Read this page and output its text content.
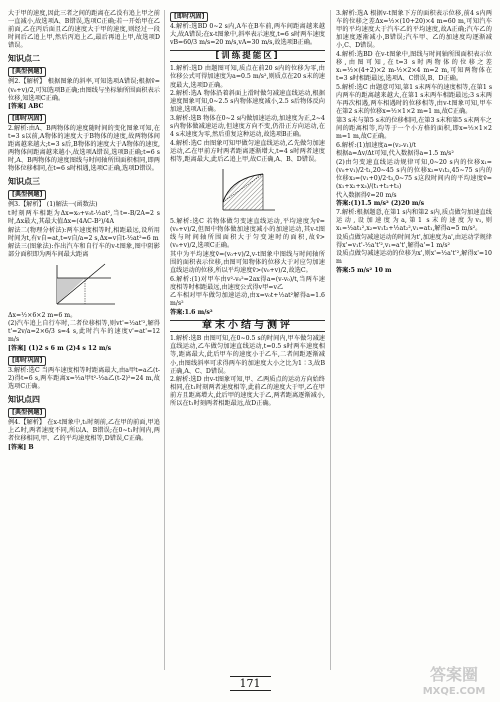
大于甲的速度,因此三者之间的距离在乙没有追上甲之前一直减小,故选项A、B错误,选项C正确;若一开始甲在乙前面,乙在丙后面且乙的速度大于甲的速度,则经过一段时间后乙追上甲,然后丙追上乙,最后再追上甲,故选项D错误。

知识点二
[典型例题]

例2.【解析】 根据图象的斜率,可知选项A错误;根据v̄=(v₀+v)/2,可知选项B正确;由图线与坐标轴所围面积表示位移,知选项C正确。

[答案] ABC

[即时巩固]

2.解析:由A、B两物体的速度随时间的变化图象可知,在t=3 s以前,A物体的速度大于B物体的速度,故两物体间距离越来越大;t=3 s后,B物体的速度大于A物体的速度,两物体间距离越来越小,故选项A错误,选项B正确;t=6 s时,A、B两物体的速度图线与时间轴所围面积相同,即两物体位移相同,在t=6 s时相遇,选项C正确,选项D错误。

知识点三
[典型例题]

例3.【解析】 (1)解法一(函数法)

t时刻两车相距为Δx=x₀+v₀t-½at²,当t=-B/2A=2 s时,Δx最大,其最大值Δx=(4AC-B²)/4A

解法二(物理分析法):两车速度相等时,相距最远,设所用时间为t,有v自=at,t=v自/a=2 s,Δx=v自t-½at²=6 m

解法三(图象法):作出汽车和自行车的v-t图象,图中阴影部分面积即为两车间最大距离

Δx=½×6×2 m=6 m。

(2)汽车追上自行车时,二者位移相等,则vt'=½at'²,解得t'=2v/a=2×6/3 s=4 s,此时汽车的速度v'=at'=12 m/s

[答案] (1)2 s 6 m (2)4 s 12 m/s

[即时巩固]

3.解析:选C 当两车速度相等时距离最大,由a甲t=a乙(t-2)得t=6 s,两车距离x=½a甲t²-½a乙(t-2)²=24 m,故选项C正确。

知识点四
[典型例题]

例4.【解析】 在x-t图象中,t₁时刻前,乙在甲的前面,甲追上乙时,两者速度不同,所以A、B错误;在0~t₁时间内,两者位移相同,甲、乙的平均速度相等,D错误,C正确。

[答案] B

[即时巩固]

4.解析:选BD 0~2 s内,A车在B车前,两车间距离越来越大,故A错误;在x-t图象中,斜率表示速度,t=6 s时两车速度vB=60/3 m/s=20 m/s,vA=30 m/s,故选项B正确。

[训练提能区]

1.解析:选D 由题图可知,质点在前20 s内的位移为零,由位移公式可得加速度为a=0.5 m/s²,则质点在20 s末的速度最大,选项D正确。

2.解析:选A 物体沿着斜面上滑时做匀减速直线运动,根据速度图象可知,0~2.5 s内物体速度减小,2.5 s后物体反向加速,选项A正确。

3.解析:选B 物体在0~2 s内做加速运动,加速度为正,2~4 s内物体做减速运动,但速度方向不变,仍沿正方向运动,在4 s末速度为零,然后重复这种运动,故选项B正确。

4.解析:选C 由图象可知甲做匀速直线运动,乙先做匀加速运动,乙在甲前方时两者距离逐渐增大,t=4 s时两者速度相等,距离最大,此后乙追上甲,故C正确,A、B、D错误。

5.解析:选C 若物体做匀变速直线运动,平均速度为v̄=(v₀+v)/2,但图中物体做加速度减小的加速运动,其v-t图线与时间轴所围面积大于匀变速时的面积,故v̄>(v₀+v)/2,选项C正确。

其中为平均速度v̄=(v₀+v)/2,v-t图象中图线与时间轴所围的面积表示位移,由图可知物体的位移大于对应匀加速直线运动的位移,所以平均速度v̄>(v₀+v)/2,故选C。

6.解析:(1)对甲车由v²-v₀²=2ax得a=(v-v₀)/t,当两车速度相等时相距最远,由速度公式得v甲=v乙

乙车相对甲车做匀加速运动,由x=v₀t+½at²解得a=1.6 m/s²

答案:1.6 m/s²

章末小结与测评

1.解析:选B 由图可知,在0~0.5 s的时间内,甲车做匀减速直线运动,乙车做匀加速直线运动,t=0.5 s时两车速度相等,距离最大,此后甲车的速度小于乙车,二者间距逐渐减小,由图线斜率可求得两车的加速度大小之比为1∶3,故B正确,A、C、D错误。

2.解析:选D 由v-t图象可知,甲、乙两质点的运动方向始终相同,在t₁时刻两者速度相等,此前乙的速度大于甲,乙在甲前方且距离增大,此后甲的速度大于乙,两者距离逐渐减小,所以在t₁时刻两者相距最远,故D正确。

3.解析:选A 根据v-t图象下方的面积表示位移,前4 s内两车的位移之差Δx=½×(10+20)×4 m=60 m,可知汽车甲的平均速度大于汽车乙的平均速度,故A正确;汽车乙的加速度逐渐减小,B错误;汽车甲、乙的加速度均逐渐减小,C、D错误。

4.解析:选BD 在v-t图象中,图线与时间轴所围面积表示位移,由图可知,在t=3 s时两物体的位移之差x₁=½×(4+2)×2 m-½×2×4 m=2 m,可知两物体在t=3 s时相距最远,选项A、C错误,B、D正确。

5.解析:选C 由题意可知,第1 s末两车的速度相等,在第1 s内两车的距离越来越大,在第1 s末两车相距最远;3 s末两车再次相遇,两车相遇时的位移相等,由v-t图象可知,甲车在第2 s末的位移x=½×1×2 m=1 m,故C正确。

第3 s末与第5 s末的位移相同,在第3 s末和第5 s末两车之间的距离相等,均等于一个小方格的面积,即x=½×1×2 m=1 m,故C正确。

6.解析:(1)加速度a=(v₂-v₁)/t

根据a=Δv/Δt可知,代入数据得a=1.5 m/s²

(2)由匀变速直线运动规律可知,0~20 s内的位移x₁=(v₀+v₁)/2·t₁,20~45 s内的位移x₂=v₁t₂,45~75 s内的位移x₃=(v₁+0)/2·t₃,0~75 s这段时间内的平均速度v̄=(x₁+x₂+x₃)/(t₁+t₂+t₃)

代入数据得v̄=20 m/s

答案:(1)1.5 m/s² (2)20 m/s

7.解析:根据题意,在第1 s内和第2 s内,质点做匀加速直线运动,设加速度为a,第1 s末的速度为v₁,则x₁=½at₁²,x₂=v₁t₂+½at₂²,v₁=at₁,解得a=5 m/s²。

设质点做匀减速运动的时间为t',加速度为a',由运动学规律得x'=v₁t'-½a't'²,v₁=a't',解得a'=1 m/s²

设质点做匀减速运动的位移为x',则x'=½a't'²,解得x'=10 m

答案:5 m/s² 10 m

171	答案圈
MXQE.COM
